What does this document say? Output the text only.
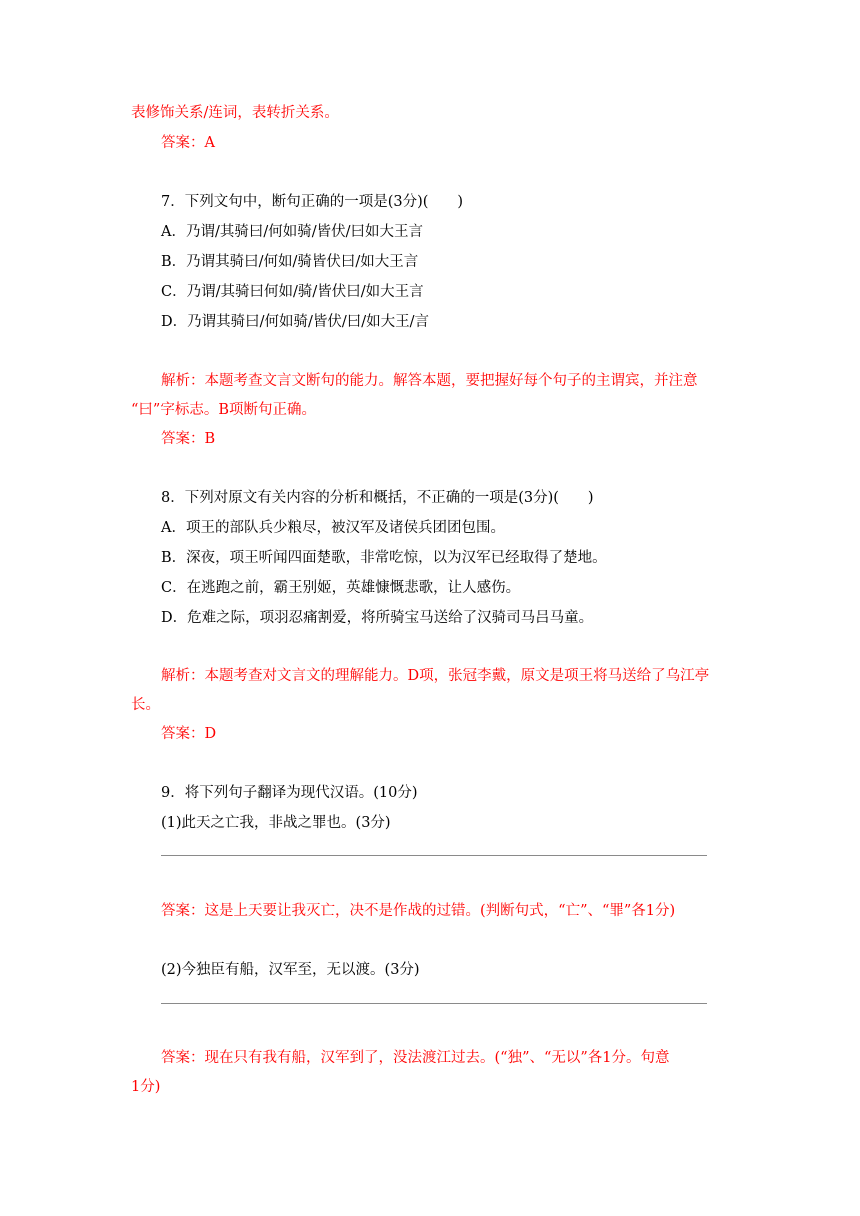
表修饰关系/连词，表转折关系。
答案：A
7．下列文句中，断句正确的一项是(3分)(　　)
A．乃谓/其骑曰/何如骑/皆伏/曰如大王言
B．乃谓其骑曰/何如/骑皆伏曰/如大王言
C．乃谓/其骑曰何如/骑/皆伏曰/如大王言
D．乃谓其骑曰/何如骑/皆伏/曰/如大王/言
解析：本题考查文言文断句的能力。解答本题，要把握好每个句子的主谓宾，并注意
“曰”字标志。B项断句正确。
答案：B
8．下列对原文有关内容的分析和概括，不正确的一项是(3分)(　　)
A．项王的部队兵少粮尽，被汉军及诸侯兵团团包围。
B．深夜，项王听闻四面楚歌，非常吃惊，以为汉军已经取得了楚地。
C．在逃跑之前，霸王别姬，英雄慷慨悲歌，让人感伤。
D．危难之际，项羽忍痛割爱，将所骑宝马送给了汉骑司马吕马童。
解析：本题考查对文言文的理解能力。D项，张冠李戴，原文是项王将马送给了乌江亭
长。
答案：D
9．将下列句子翻译为现代汉语。(10分)
(1)此天之亡我，非战之罪也。(3分)
答案：这是上天要让我灭亡，决不是作战的过错。(判断句式，“亡”、“罪”各1分)
(2)今独臣有船，汉军至，无以渡。(3分)
答案：现在只有我有船，汉军到了，没法渡江过去。(“独”、“无以”各1分。句意
1分)
